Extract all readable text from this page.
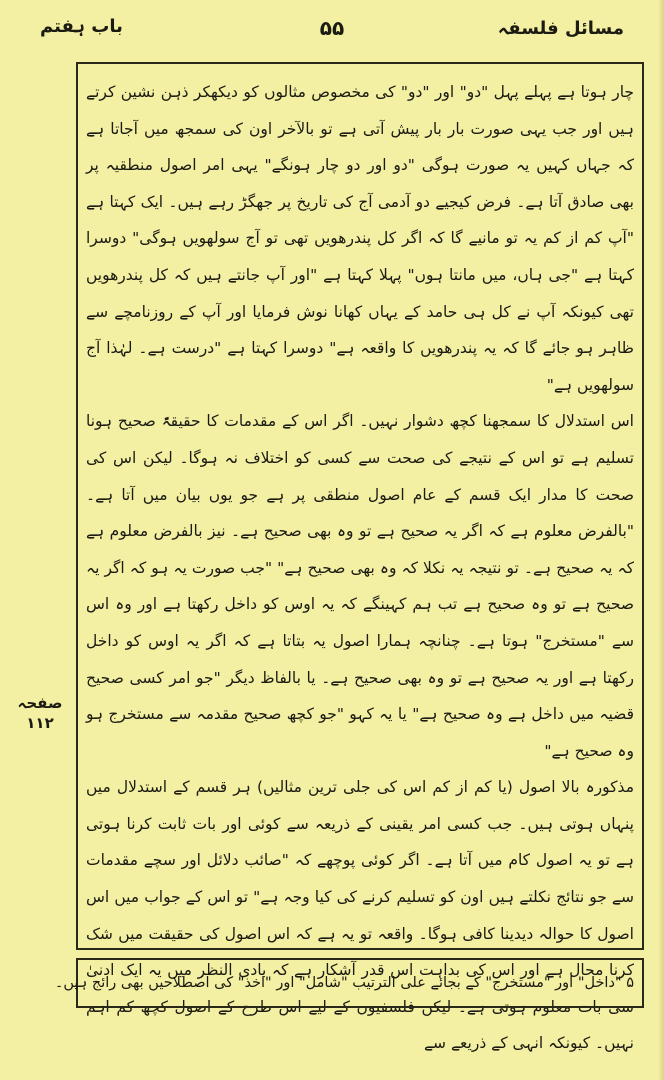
مسائل فلسفہ
۵۵
باب ہفتم

چار ہوتا ہے پہلے پہل "دو" اور "دو" کی مخصوص مثالوں کو دیکھکر ذہن نشین کرتے ہیں اور جب یہی صورت بار بار پیش آتی ہے تو بالآخر اون کی سمجھ میں آجاتا ہے کہ جہاں کہیں یہ صورت ہوگی "دو اور دو چار ہونگے" یہی امر اصول منطقیہ پر بھی صادق آتا ہے۔ فرض کیجیے دو آدمی آج کی تاریخ پر جھگڑ رہے ہیں۔ ایک کہتا ہے "آپ کم از کم یہ تو مانیے گا کہ اگر کل پندرھویں تھی تو آج سولھویں ہوگی" دوسرا کہتا ہے "جی ہاں، میں مانتا ہوں" پہلا کہتا ہے "اور آپ جانتے ہیں کہ کل پندرھویں تھی کیونکہ آپ نے کل ہی حامد کے یہاں کھانا نوش فرمایا اور آپ کے روزنامچے سے ظاہر ہو جائے گا کہ یہ پندرھویں کا واقعہ ہے" دوسرا کہتا ہے "درست ہے۔ لہٰذا آج سولھویں ہے"

اس استدلال کا سمجھنا کچھ دشوار نہیں۔ اگر اس کے مقدمات کا حقیقۃً صحیح ہونا تسلیم ہے تو اس کے نتیجے کی صحت سے کسی کو اختلاف نہ ہوگا۔ لیکن اس کی صحت کا مدار ایک قسم کے عام اصول منطقی پر ہے جو یوں بیان میں آتا ہے۔ "بالفرض معلوم ہے کہ اگر یہ صحیح ہے تو وہ بھی صحیح ہے۔ نیز بالفرض معلوم ہے کہ یہ صحیح ہے۔ تو نتیجہ یہ نکلا کہ وہ بھی صحیح ہے" "جب صورت یہ ہو کہ اگر یہ صحیح ہے تو وہ صحیح ہے تب ہم کہینگے کہ یہ اوس کو داخل رکھتا ہے اور وہ اس سے "مستخرج" ہوتا ہے۔ چنانچہ ہمارا اصول یہ بتاتا ہے کہ اگر یہ اوس کو داخل رکھتا ہے اور یہ صحیح ہے تو وہ بھی صحیح ہے۔ یا بالفاظ دیگر "جو امر کسی صحیح قضیہ میں داخل ہے وہ صحیح ہے" یا یہ کہو "جو کچھ صحیح مقدمہ سے مستخرج ہو وہ صحیح ہے"

مذکورہ بالا اصول (یا کم از کم اس کی جلی ترین مثالیں) ہر قسم کے استدلال میں پنہاں ہوتی ہیں۔ جب کسی امر یقینی کے ذریعہ سے کوئی اور بات ثابت کرنا ہوتی ہے تو یہ اصول کام میں آتا ہے۔ اگر کوئی پوچھے کہ "صائب دلائل اور سچے مقدمات سے جو نتائج نکلتے ہیں اون کو تسلیم کرنے کی کیا وجہ ہے" تو اس کے جواب میں اس اصول کا حوالہ دیدینا کافی ہوگا۔ واقعہ تو یہ ہے کہ اس اصول کی حقیقت میں شک کرنا محال ہے اور اس کی بداہت اس قدر آشکار ہے کہ بادی النظر میں یہ ایک ادنیٰ سی بات معلوم ہوتی ہے۔ لیکن فلسفیوں کے لیے اس طرح کے اصول کچھ کم اہم نہیں۔ کیونکہ انہی کے ذریعے سے

صفحہ ۱۱۲
۵ "داخل" اور "مستخرج" کے بجائے علی الترتیب "شامل" اور "اخذ" کی اصطلاحیں بھی رائج ہیں۔
